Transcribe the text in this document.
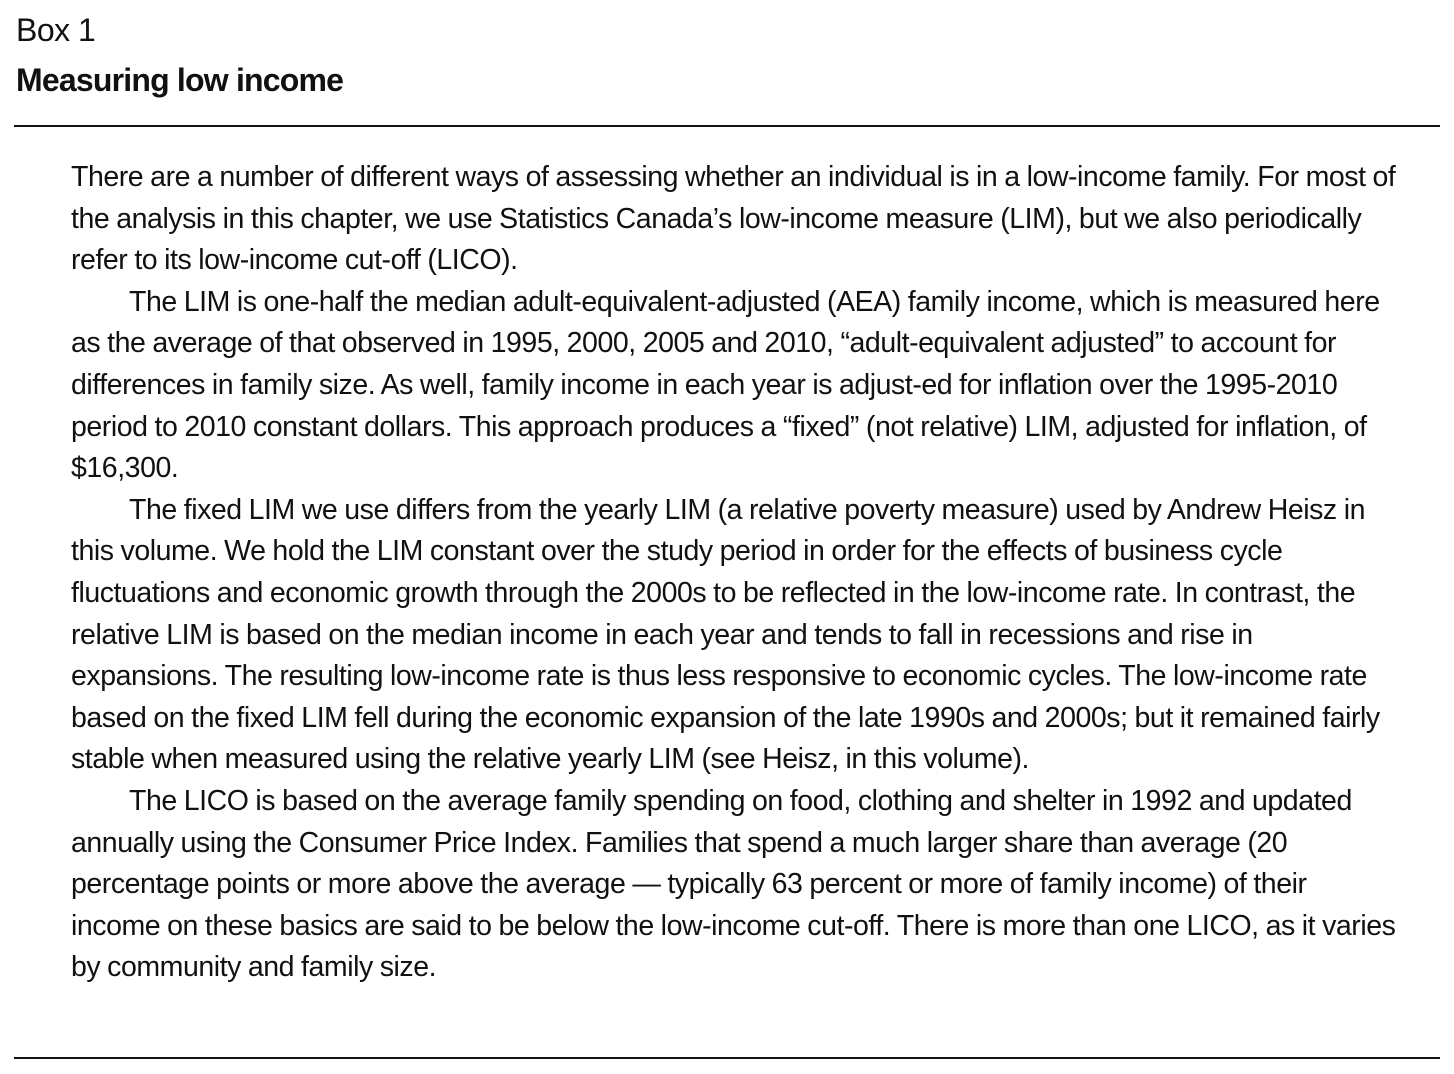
Box 1
Measuring low income

There are a number of different ways of assessing whether an individual is in a low-income family. For most of the analysis in this chapter, we use Statistics Canada’s low-income measure (LIM), but we also periodically refer to its low-income cut-off (LICO).

The LIM is one-half the median adult-equivalent-adjusted (AEA) family income, which is measured here as the average of that observed in 1995, 2000, 2005 and 2010, “adult-equivalent adjusted” to account for differences in family size. As well, family income in each year is adjust-ed for inflation over the 1995-2010 period to 2010 constant dollars. This approach produces a “fixed” (not relative) LIM, adjusted for inflation, of $16,300.

The fixed LIM we use differs from the yearly LIM (a relative poverty measure) used by Andrew Heisz in this volume. We hold the LIM constant over the study period in order for the effects of business cycle fluctuations and economic growth through the 2000s to be reflected in the low-income rate. In contrast, the relative LIM is based on the median income in each year and tends to fall in recessions and rise in expansions. The resulting low-income rate is thus less responsive to economic cycles. The low-income rate based on the fixed LIM fell during the economic expansion of the late 1990s and 2000s; but it remained fairly stable when measured using the relative yearly LIM (see Heisz, in this volume).

The LICO is based on the average family spending on food, clothing and shelter in 1992 and updated annually using the Consumer Price Index. Families that spend a much larger share than average (20 percentage points or more above the average — typically 63 percent or more of family income) of their income on these basics are said to be below the low-income cut-off. There is more than one LICO, as it varies by community and family size.
